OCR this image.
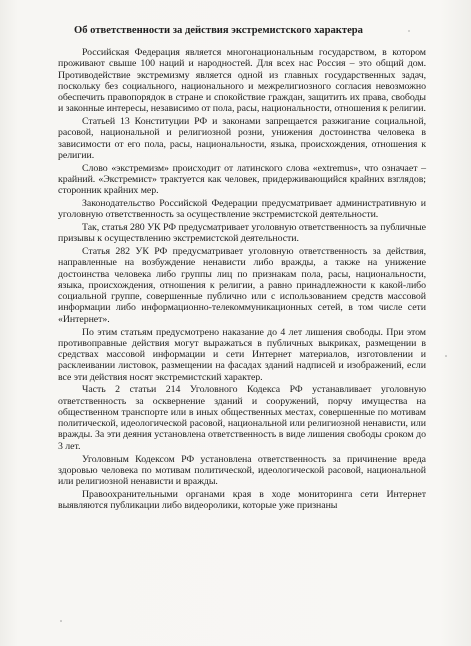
Об ответственности за действия экстремистского характера

Российская Федерация является многонациональным государством, в котором проживают свыше 100 наций и народностей. Для всех нас Россия – это общий дом. Противодействие экстремизму является одной из главных государственных задач, поскольку без социального, национального и межрелигиозного согласия невозможно обеспечить правопорядок в стране и спокойствие граждан, защитить их права, свободы и законные интересы, независимо от пола, расы, национальности, отношения к религии.

Статьей 13 Конституции РФ и законами запрещается разжигание социальной, расовой, национальной и религиозной розни, унижения достоинства человека в зависимости от его пола, расы, национальности, языка, происхождения, отношения к религии.

Слово «экстремизм» происходит от латинского слова «extremus», что означает – крайний. «Экстремист» трактуется как человек, придерживающийся крайних взглядов; сторонник крайних мер.

Законодательство Российской Федерации предусматривает административную и уголовную ответственность за осуществление экстремистской деятельности.

Так, статья 280 УК РФ предусматривает уголовную ответственность за публичные призывы к осуществлению экстремистской деятельности.

Статья 282 УК РФ предусматривает уголовную ответственность за действия, направленные на возбуждение ненависти либо вражды, а также на унижение достоинства человека либо группы лиц по признакам пола, расы, национальности, языка, происхождения, отношения к религии, а равно принадлежности к какой-либо социальной группе, совершенные публично или с использованием средств массовой информации либо информационно-телекоммуникационных сетей, в том числе сети «Интернет».

По этим статьям предусмотрено наказание до 4 лет лишения свободы. При этом противоправные действия могут выражаться в публичных выкриках, размещении в средствах массовой информации и сети Интернет материалов, изготовлении и расклеивании листовок, размещении на фасадах зданий надписей и изображений, если все эти действия носят экстремистский характер.

Часть 2 статьи 214 Уголовного Кодекса РФ устанавливает уголовную ответственность за осквернение зданий и сооружений, порчу имущества на общественном транспорте или в иных общественных местах, совершенные по мотивам политической, идеологической расовой, национальной или религиозной ненависти, или вражды. За эти деяния установлена ответственность в виде лишения свободы сроком до 3 лет.

Уголовным Кодексом РФ установлена ответственность за причинение вреда здоровью человека по мотивам политической, идеологической расовой, национальной или религиозной ненависти и вражды.

Правоохранительными органами края в ходе мониторинга сети Интернет выявляются публикации либо видеоролики, которые уже признаны
